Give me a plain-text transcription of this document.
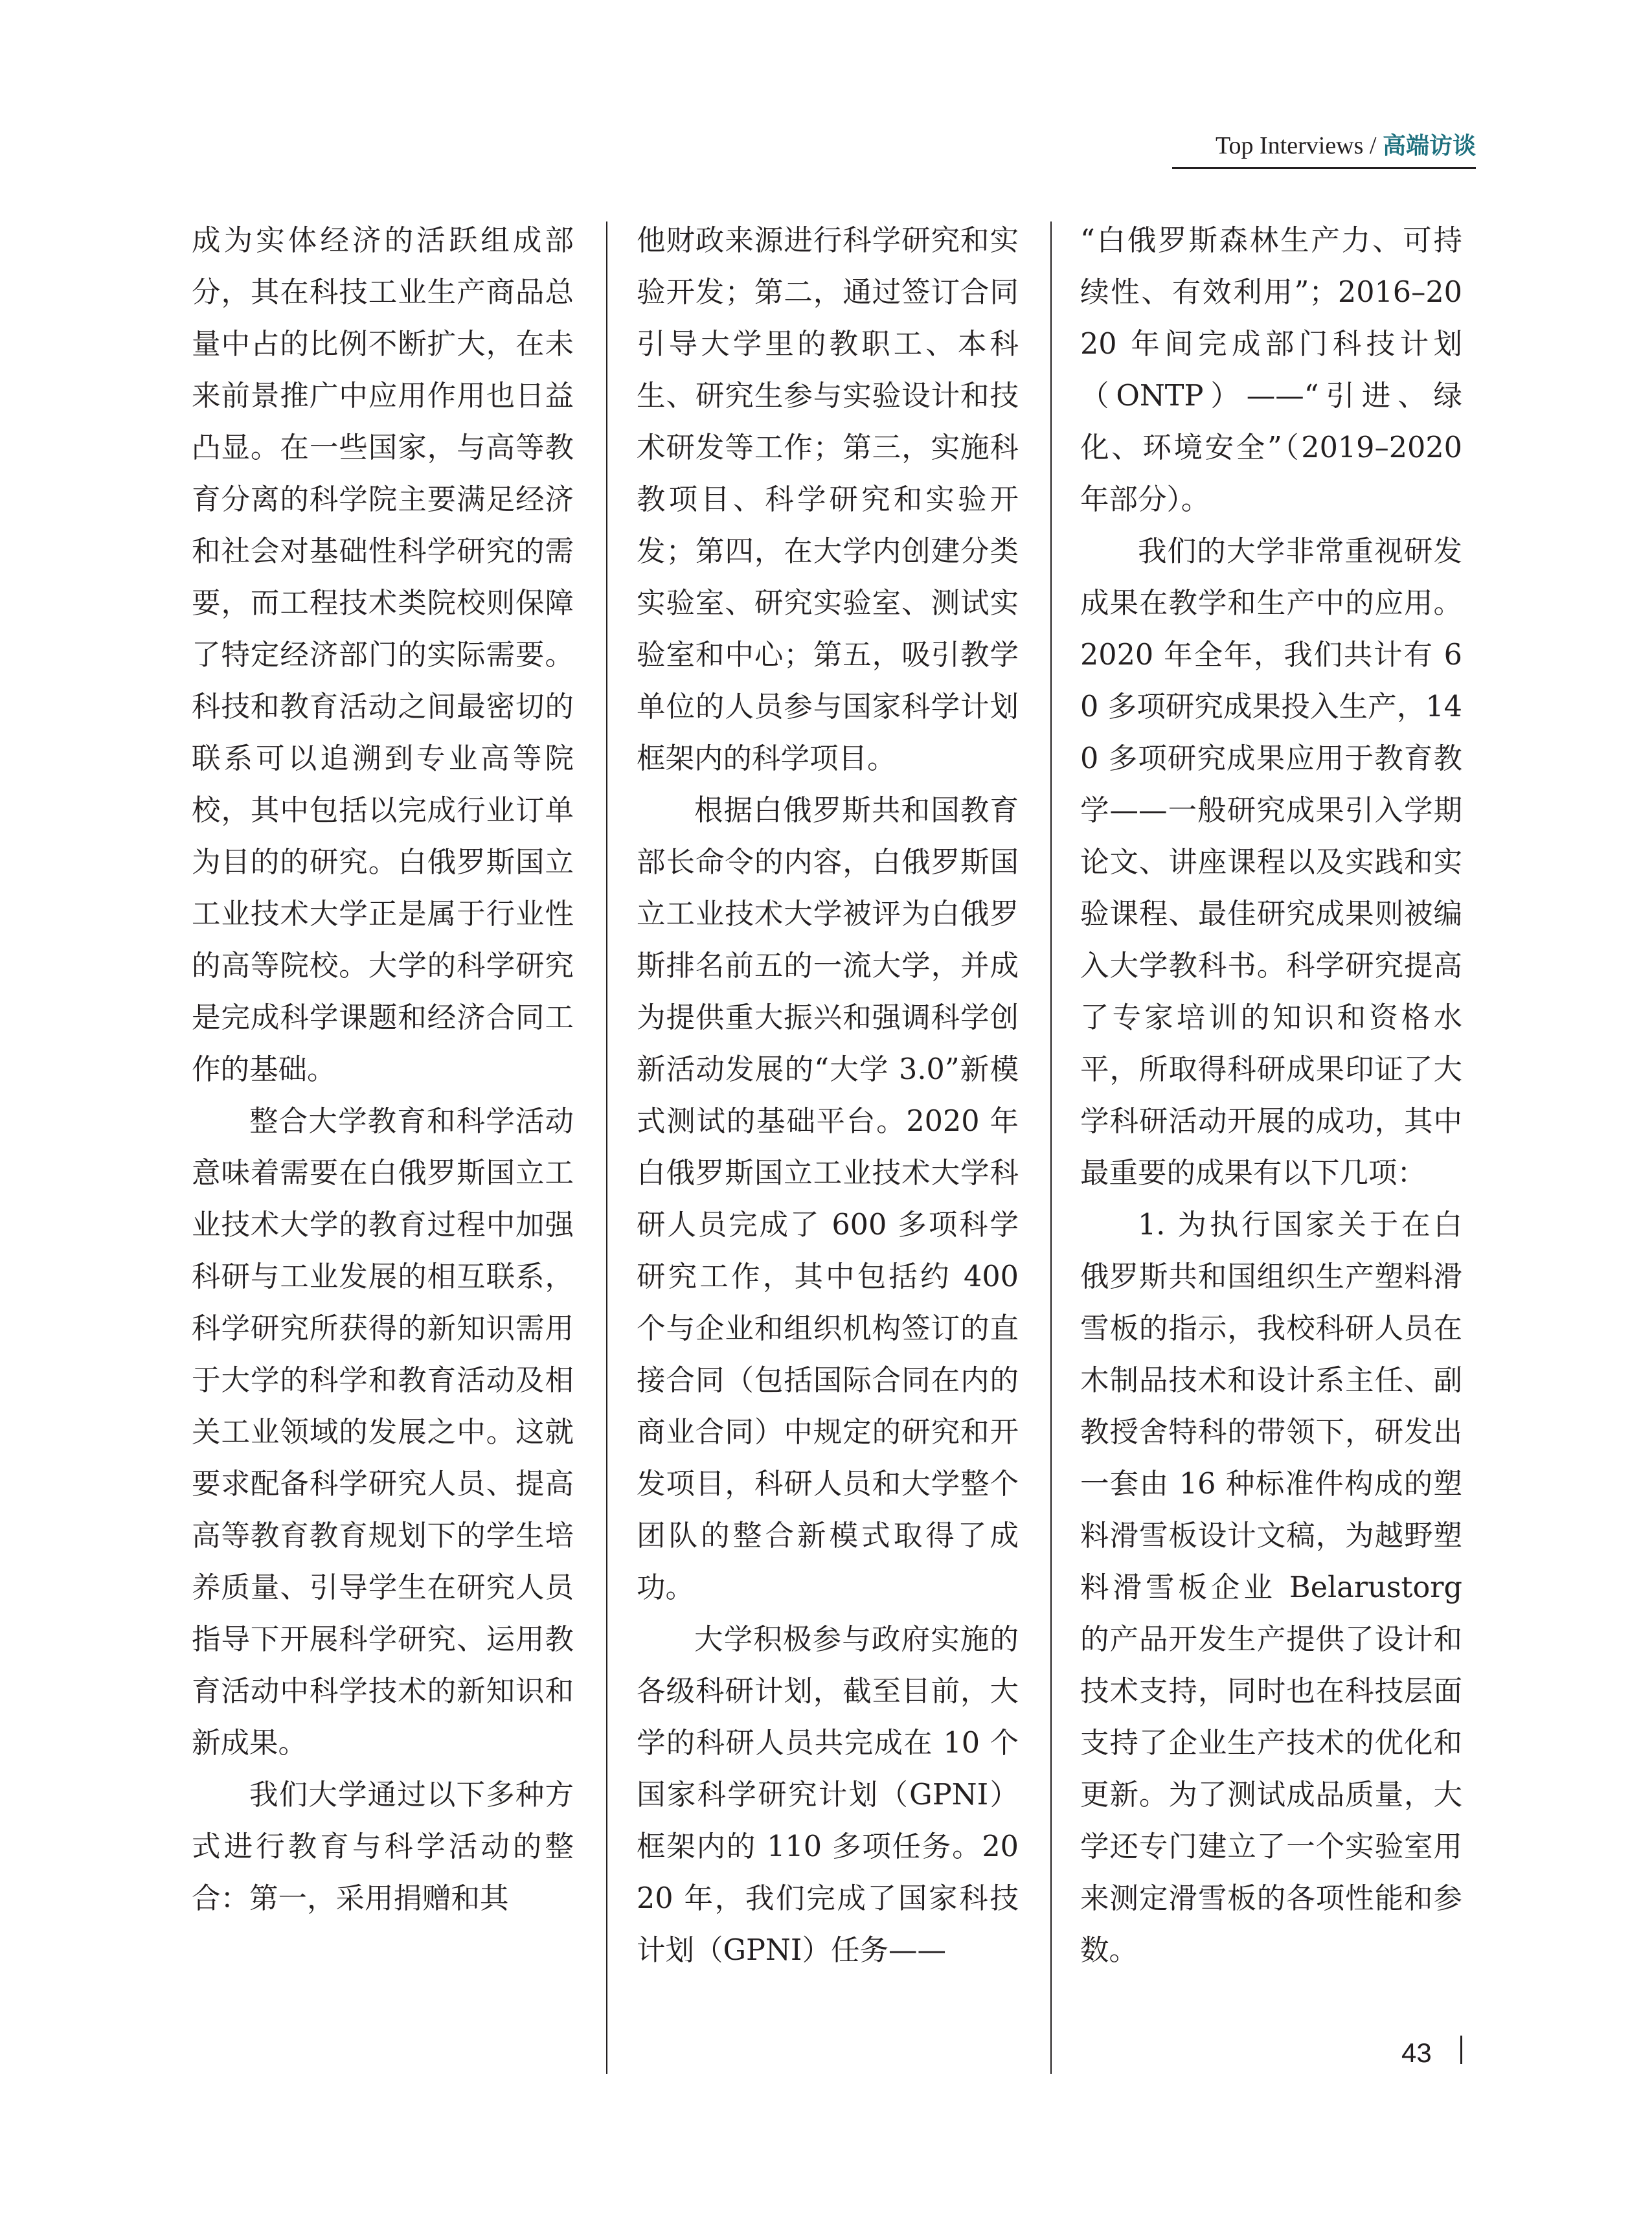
Top Interviews / 高端访谈

成为实体经济的活跃组成部分，其在科技工业生产商品总量中占的比例不断扩大，在未来前景推广中应用作用也日益凸显。在一些国家，与高等教育分离的科学院主要满足经济和社会对基础性科学研究的需要，而工程技术类院校则保障了特定经济部门的实际需要。科技和教育活动之间最密切的联系可以追溯到专业高等院校，其中包括以完成行业订单为目的的研究。白俄罗斯国立工业技术大学正是属于行业性的高等院校。大学的科学研究是完成科学课题和经济合同工作的基础。

整合大学教育和科学活动意味着需要在白俄罗斯国立工业技术大学的教育过程中加强科研与工业发展的相互联系，科学研究所获得的新知识需用于大学的科学和教育活动及相关工业领域的发展之中。这就要求配备科学研究人员、提高高等教育教育规划下的学生培养质量、引导学生在研究人员指导下开展科学研究、运用教育活动中科学技术的新知识和新成果。

我们大学通过以下多种方式进行教育与科学活动的整合：第一，采用捐赠和其

他财政来源进行科学研究和实验开发；第二，通过签订合同引导大学里的教职工、本科生、研究生参与实验设计和技术研发等工作；第三，实施科教项目、科学研究和实验开发；第四，在大学内创建分类实验室、研究实验室、测试实验室和中心；第五，吸引教学单位的人员参与国家科学计划框架内的科学项目。

根据白俄罗斯共和国教育部长命令的内容，白俄罗斯国立工业技术大学被评为白俄罗斯排名前五的一流大学，并成为提供重大振兴和强调科学创新活动发展的“大学 3.0”新模式测试的基础平台。2020 年白俄罗斯国立工业技术大学科研人员完成了 600 多项科学研究工作，其中包括约 400 个与企业和组织机构签订的直接合同（包括国际合同在内的商业合同）中规定的研究和开发项目，科研人员和大学整个团队的整合新模式取得了成功。

大学积极参与政府实施的各级科研计划，截至目前，大学的科研人员共完成在 10 个国家科学研究计划（GPNI）框架内的 110 多项任务。2020 年，我们完成了国家科技计划（GPNI）任务——

“白俄罗斯森林生产力、可持续性、有效利用”；2016–2020 年间完成部门科技计划（ONTP）——“引进、绿化、环境安全”（2019–2020 年部分）。

我们的大学非常重视研发成果在教学和生产中的应用。2020 年全年，我们共计有 60 多项研究成果投入生产，140 多项研究成果应用于教育教学——一般研究成果引入学期论文、讲座课程以及实践和实验课程、最佳研究成果则被编入大学教科书。科学研究提高了专家培训的知识和资格水平，所取得科研成果印证了大学科研活动开展的成功，其中最重要的成果有以下几项：

1. 为执行国家关于在白俄罗斯共和国组织生产塑料滑雪板的指示，我校科研人员在木制品技术和设计系主任、副教授舍特科的带领下，研发出一套由 16 种标准件构成的塑料滑雪板设计文稿，为越野塑料滑雪板企业 Belarustorg 的产品开发生产提供了设计和技术支持，同时也在科技层面支持了企业生产技术的优化和更新。为了测试成品质量，大学还专门建立了一个实验室用来测定滑雪板的各项性能和参数。

43
